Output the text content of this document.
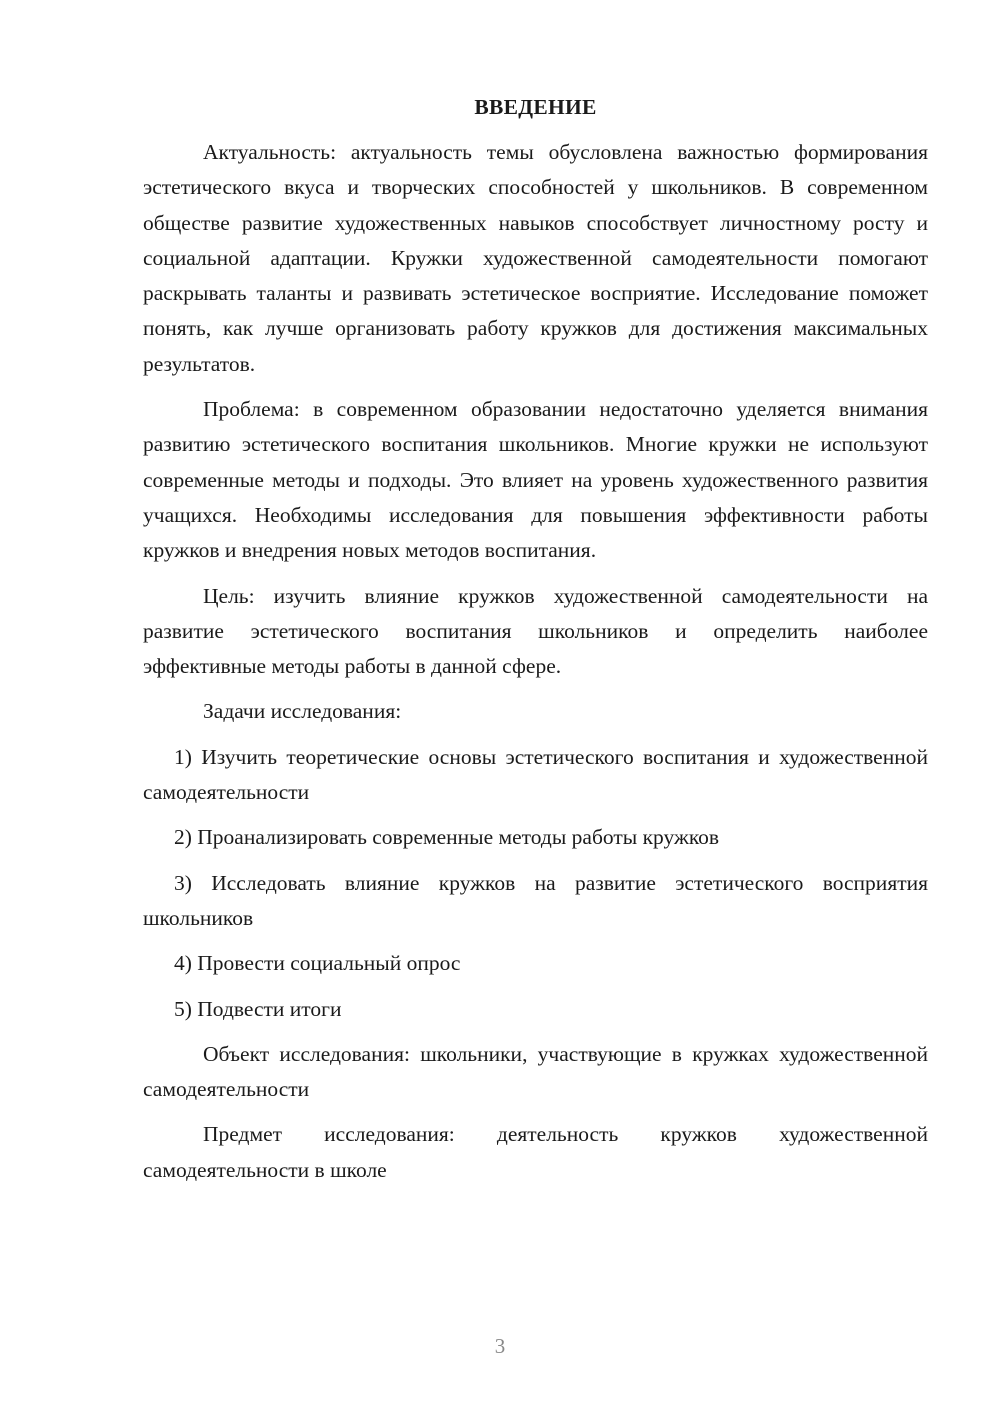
ВВЕДЕНИЕ

Актуальность: актуальность темы обусловлена важностью формирования эстетического вкуса и творческих способностей у школьников. В современном обществе развитие художественных навыков способствует личностному росту и социальной адаптации. Кружки художественной самодеятельности помогают раскрывать таланты и развивать эстетическое восприятие. Исследование поможет понять, как лучше организовать работу кружков для достижения максимальных результатов.

Проблема: в современном образовании недостаточно уделяется внимания развитию эстетического воспитания школьников. Многие кружки не используют современные методы и подходы. Это влияет на уровень художественного развития учащихся. Необходимы исследования для повышения эффективности работы кружков и внедрения новых методов воспитания.

Цель: изучить влияние кружков художественной самодеятельности на развитие эстетического воспитания школьников и определить наиболее эффективные методы работы в данной сфере.

Задачи исследования:

1) Изучить теоретические основы эстетического воспитания и художественной самодеятельности

2) Проанализировать современные методы работы кружков

3) Исследовать влияние кружков на развитие эстетического восприятия школьников

4) Провести социальный опрос

5) Подвести итоги

Объект исследования: школьники, участвующие в кружках художественной самодеятельности

Предмет исследования: деятельность кружков художественной самодеятельности в школе

3
